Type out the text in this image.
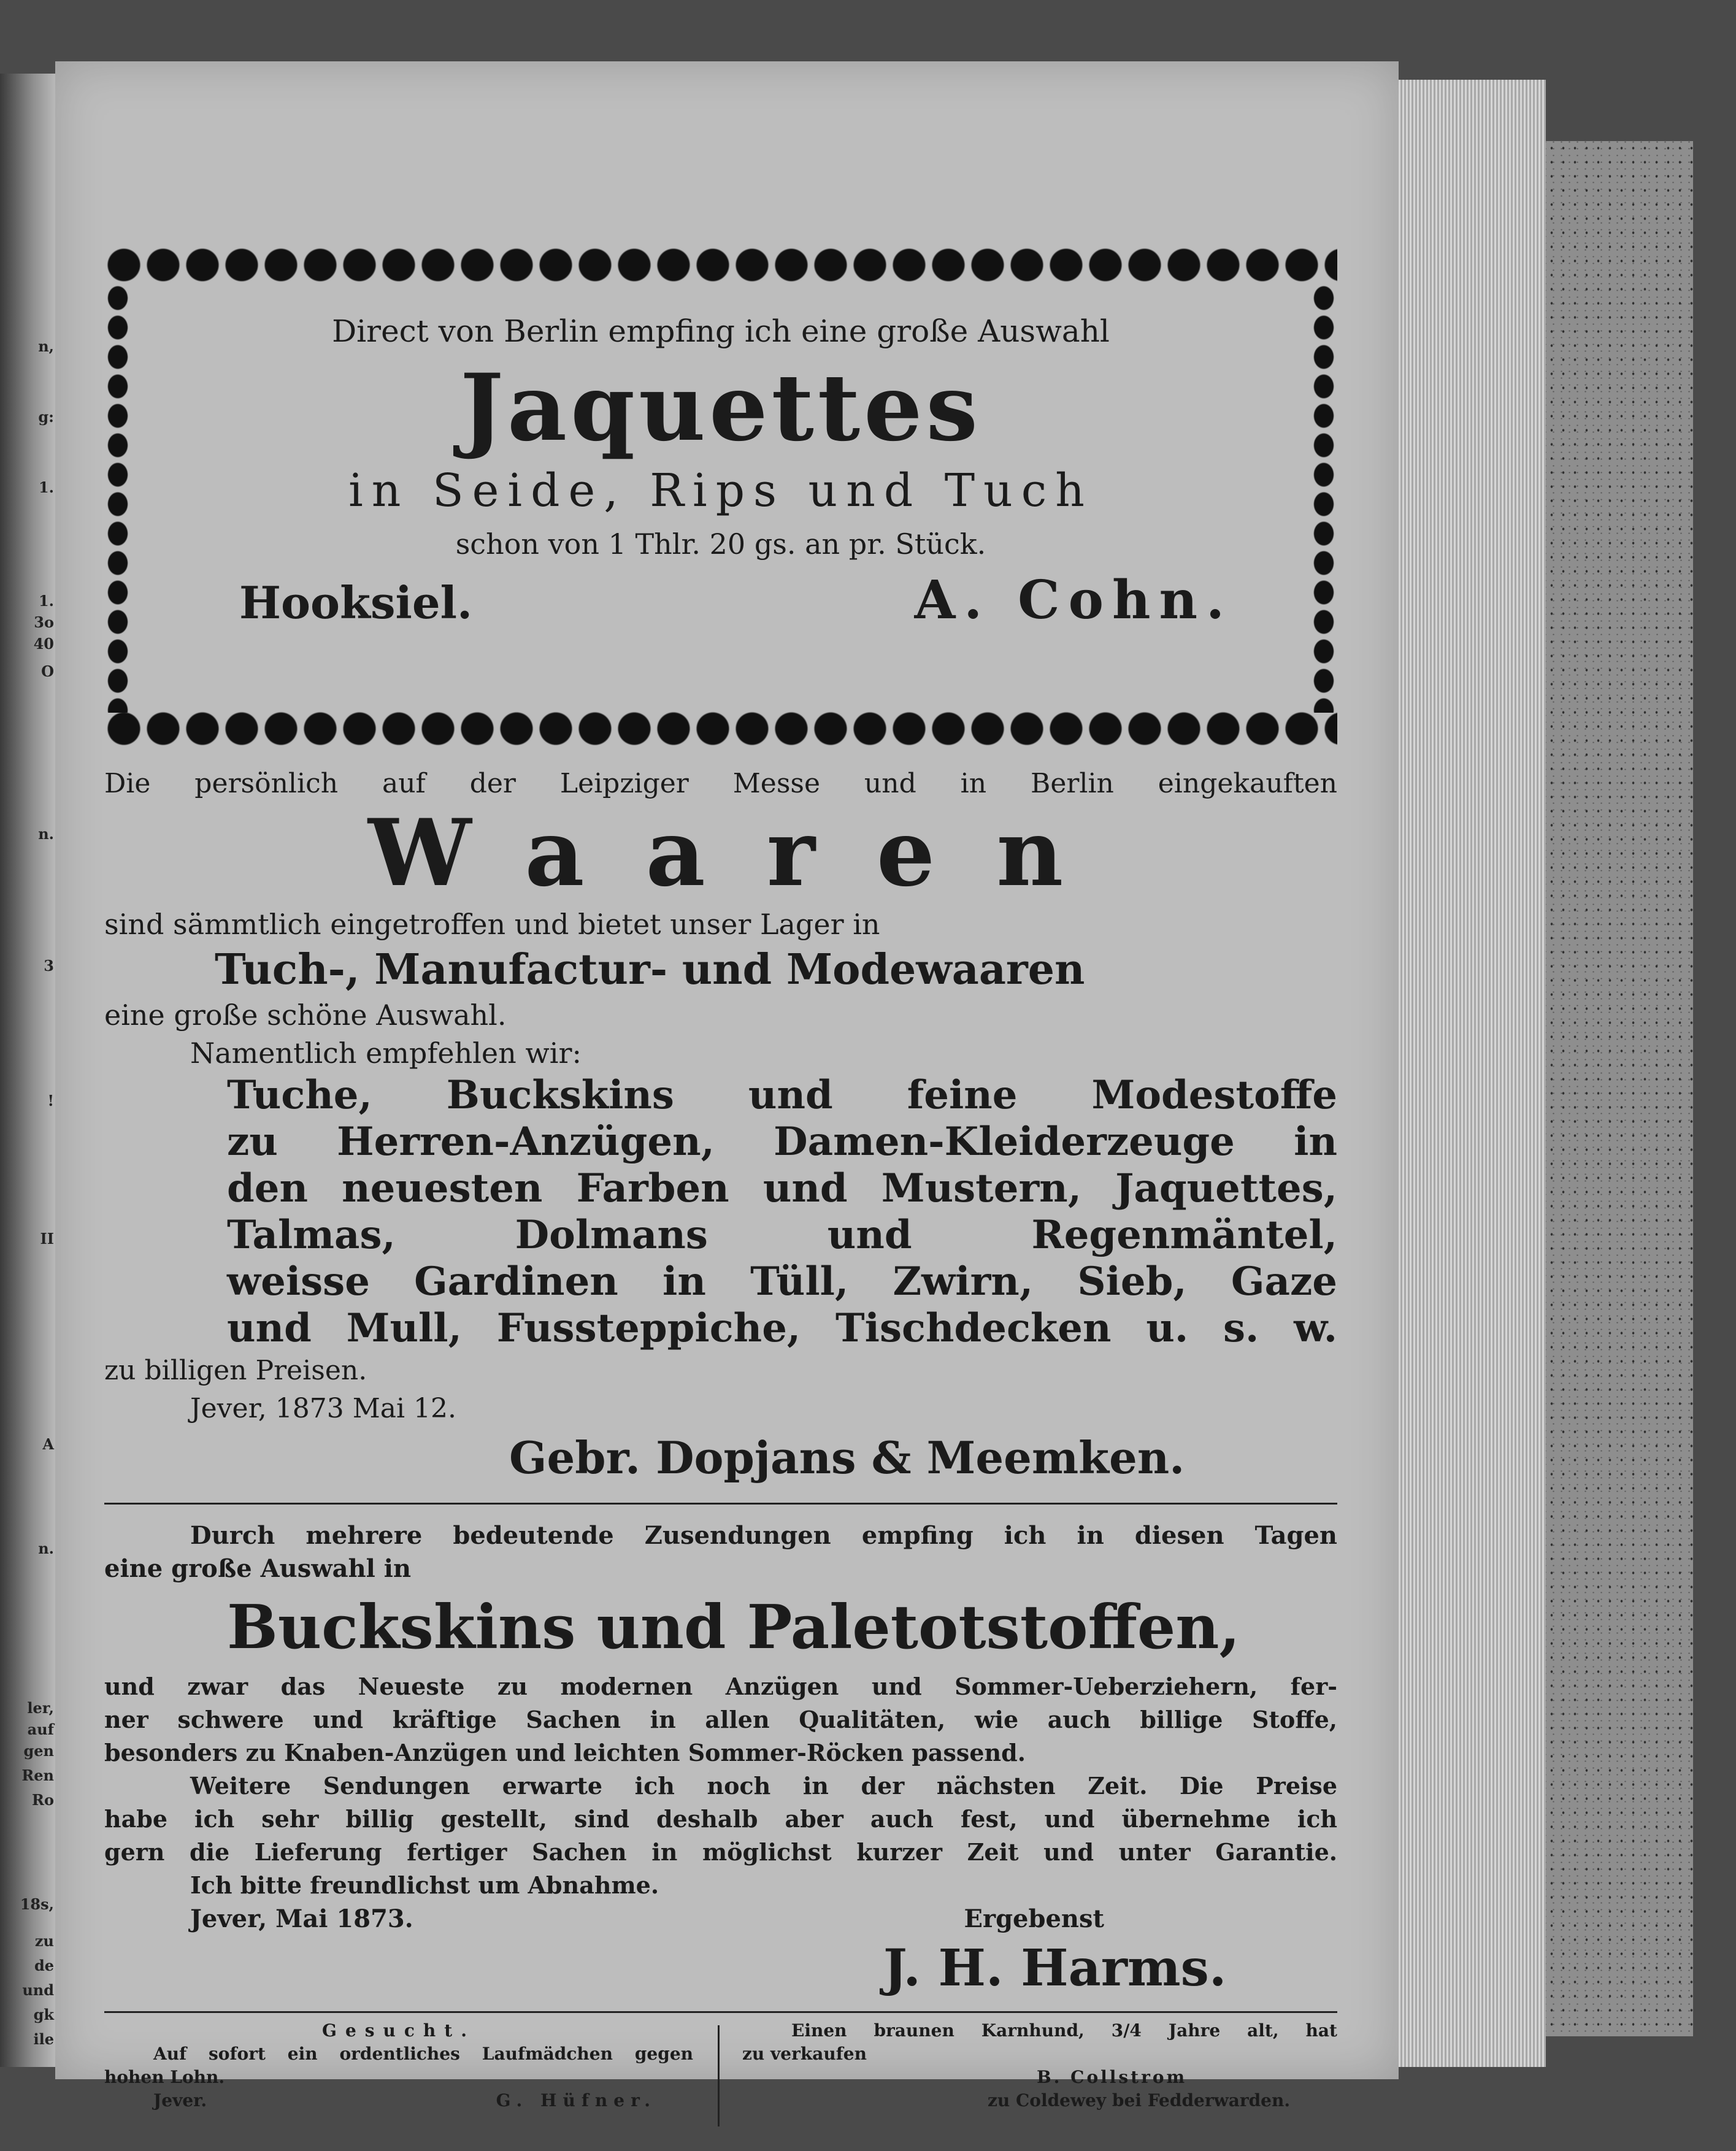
n,
g:
1.
1.
3o
40
O
n.
3
!
II
A
n.
ler,
auf
gen
Ren
Ro
18s,
zu
de
und
gk
ile

Direct von Berlin empfing ich eine große Auswahl

Jaquettes

in Seide, Rips und Tuch

schon von 1 Thlr. 20 gs. an pr. Stück.

Hooksiel.	A. Cohn.

Die persönlich auf der Leipziger Messe und in Berlin eingekauften

Waaren

sind sämmtlich eingetroffen und bietet unser Lager in

Tuch-, Manufactur- und Modewaaren

eine große schöne Auswahl.

Namentlich empfehlen wir:

Tuche, Buckskins und feine Modestoffe

zu Herren-Anzügen, Damen-Kleiderzeuge in

den neuesten Farben und Mustern, Jaquettes,

Talmas, Dolmans und Regenmäntel,

weisse Gardinen in Tüll, Zwirn, Sieb, Gaze

und Mull, Fussteppiche, Tischdecken u. s. w.

zu billigen Preisen.

Jever, 1873 Mai 12.

Gebr. Dopjans & Meemken.

Durch mehrere bedeutende Zusendungen empfing ich in diesen Tagen

eine große Auswahl in

Buckskins und Paletotstoffen,

und zwar das Neueste zu modernen Anzügen und Sommer-Ueberziehern, fer-

ner schwere und kräftige Sachen in allen Qualitäten, wie auch billige Stoffe,

besonders zu Knaben-Anzügen und leichten Sommer-Röcken passend.

Weitere Sendungen erwarte ich noch in der nächsten Zeit. Die Preise

habe ich sehr billig gestellt, sind deshalb aber auch fest, und übernehme ich

gern die Lieferung fertiger Sachen in möglichst kurzer Zeit und unter Garantie.

Ich bitte freundlichst um Abnahme.

Jever, Mai 1873.	Ergebenst

J. H. Harms.

Gesucht.

Auf sofort ein ordentliches Laufmädchen gegen

hohen Lohn.

Jever.	G. Hüfner.

Einen braunen Karnhund, 3/4 Jahre alt, hat

zu verkaufen

B. Collstrom

zu Coldewey bei Fedderwarden.
